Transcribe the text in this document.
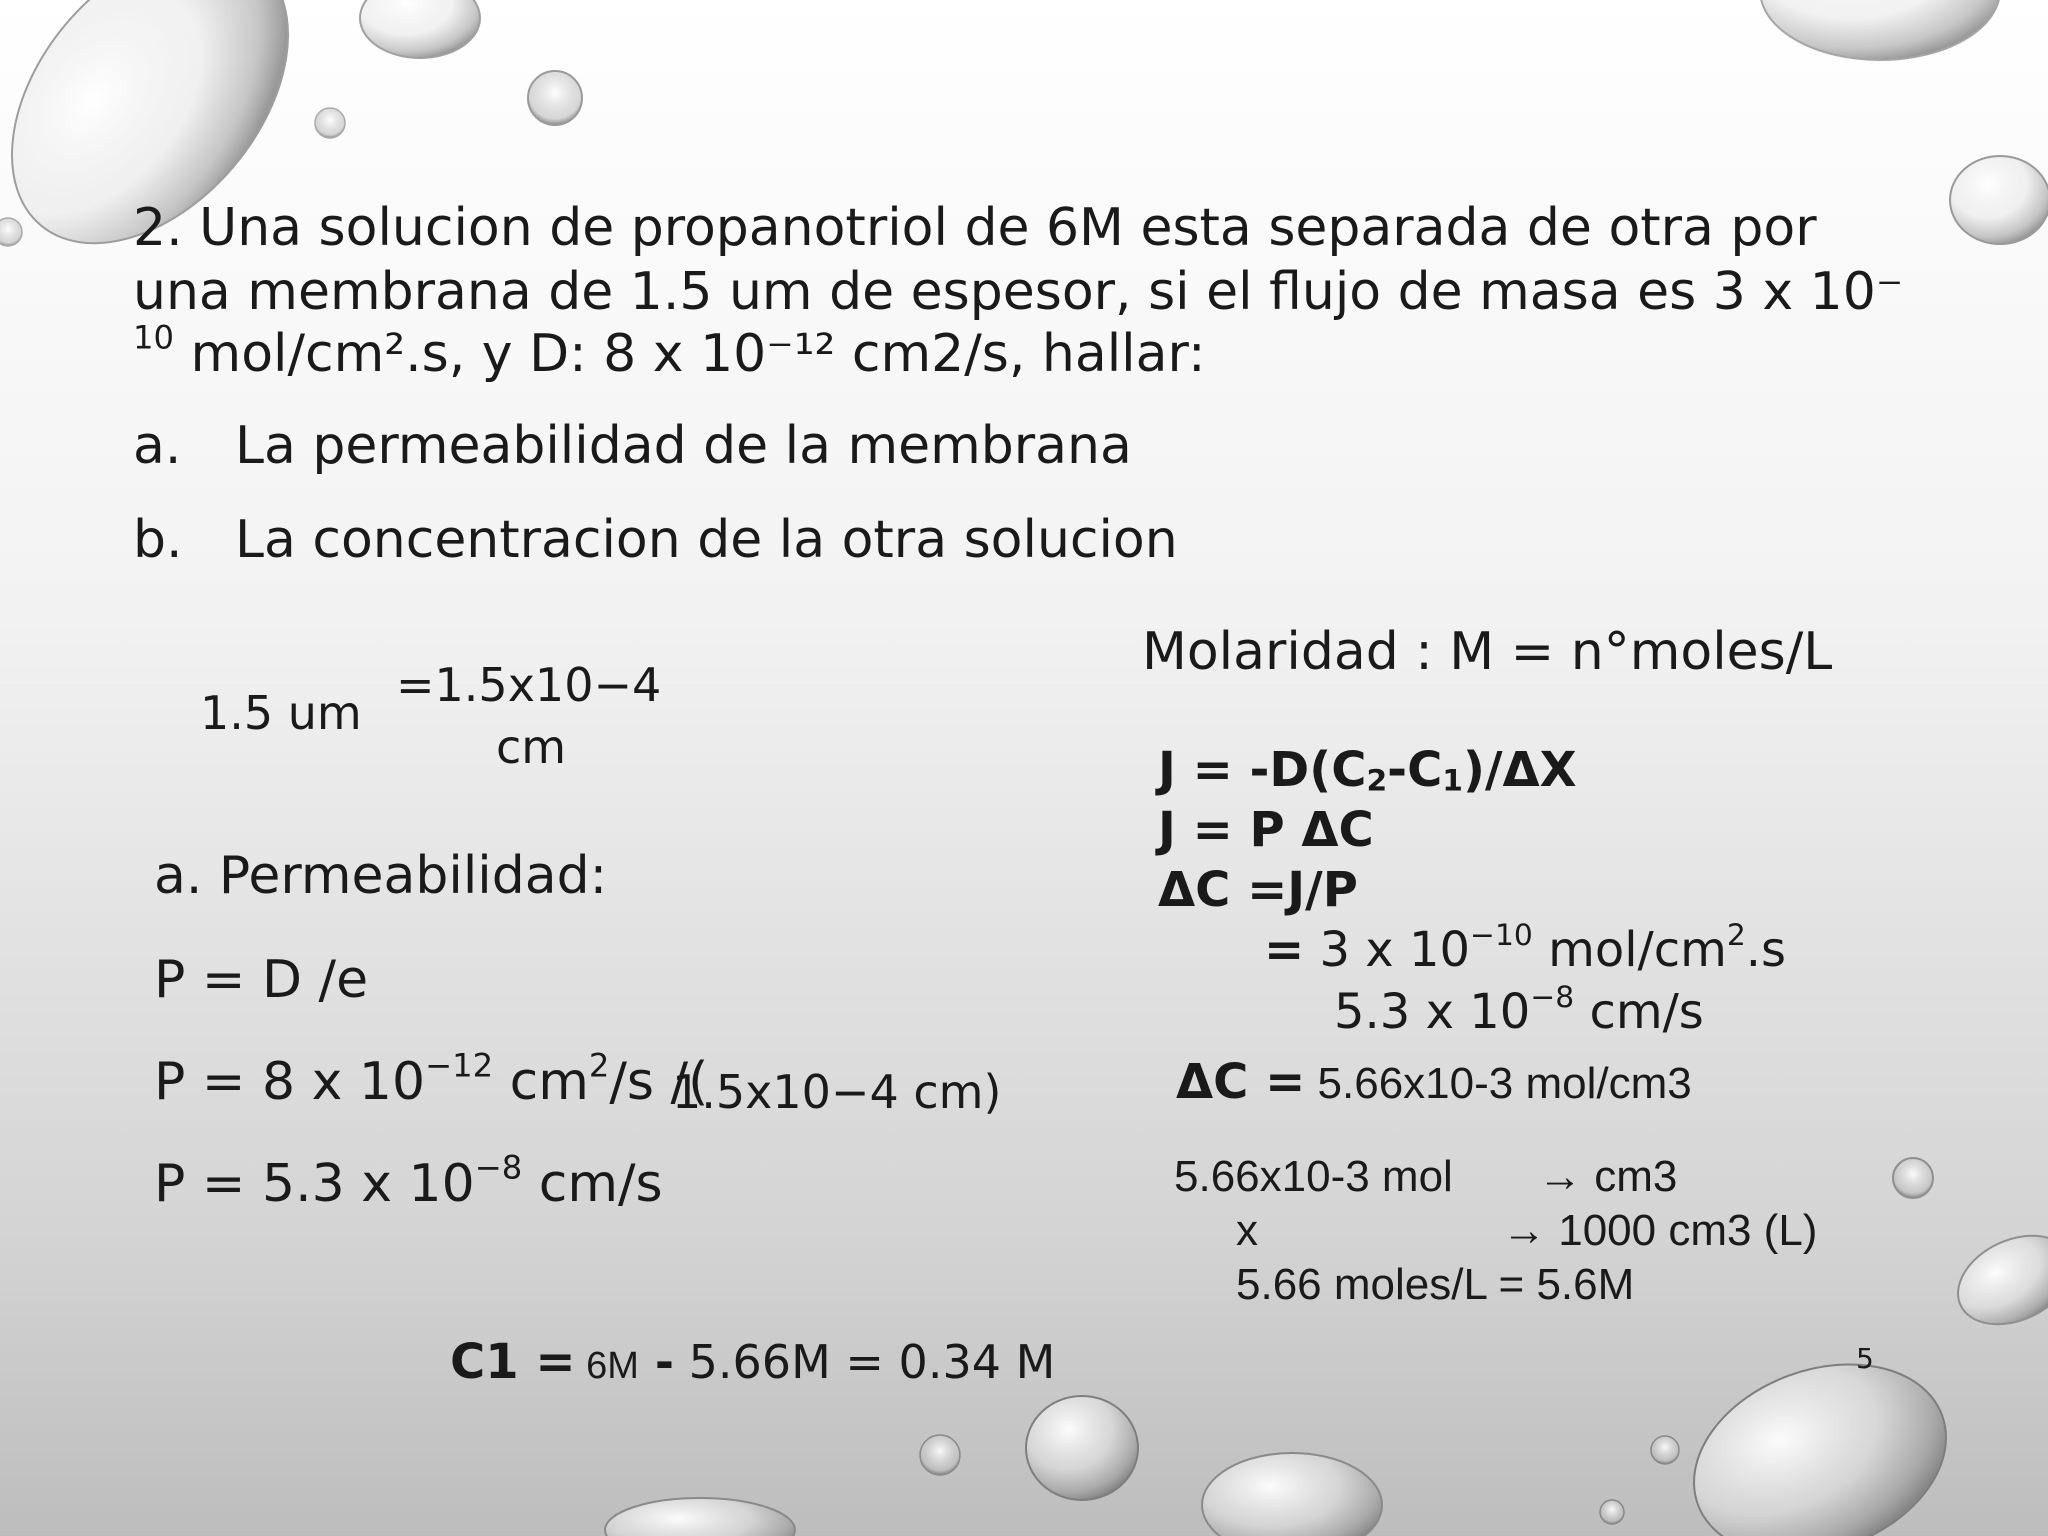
2. Una solucion de propanotriol de 6M esta separada de otra por
una membrana de 1.5 um de espesor, si el flujo de masa es 3 x 10⁻
$^{10}$ mol/cm².s, y D: 8 x 10⁻¹² cm2/s, hallar:
a. La permeabilidad de la membrana
b. La concentracion de la otra solucion
1.5 um
=1.5x10−4
cm
a. Permeabilidad:
P = D /e
P = 8 x $10^{-12}$ $cm^2/s$ /(
1.5x10−4 cm)
P = 5.3 x $10^{-8}$ cm/s
Molaridad : M = n°moles/L
$J = -D(C_2-C_1)/\Delta X$
J = P ΔC
ΔC =J/P
= 3 x $10^{-10}$ mol/$cm^2.s$
5.3 x $10^{-8}$ cm/s
ΔC = 5.66x10-3 mol/cm3
5.66x10-3 mol → cm3
x	→ 1000 cm3 (L)
5.66 moles/L = 5.6M
C1 = 6M - 5.66M = 0.34 M	5
